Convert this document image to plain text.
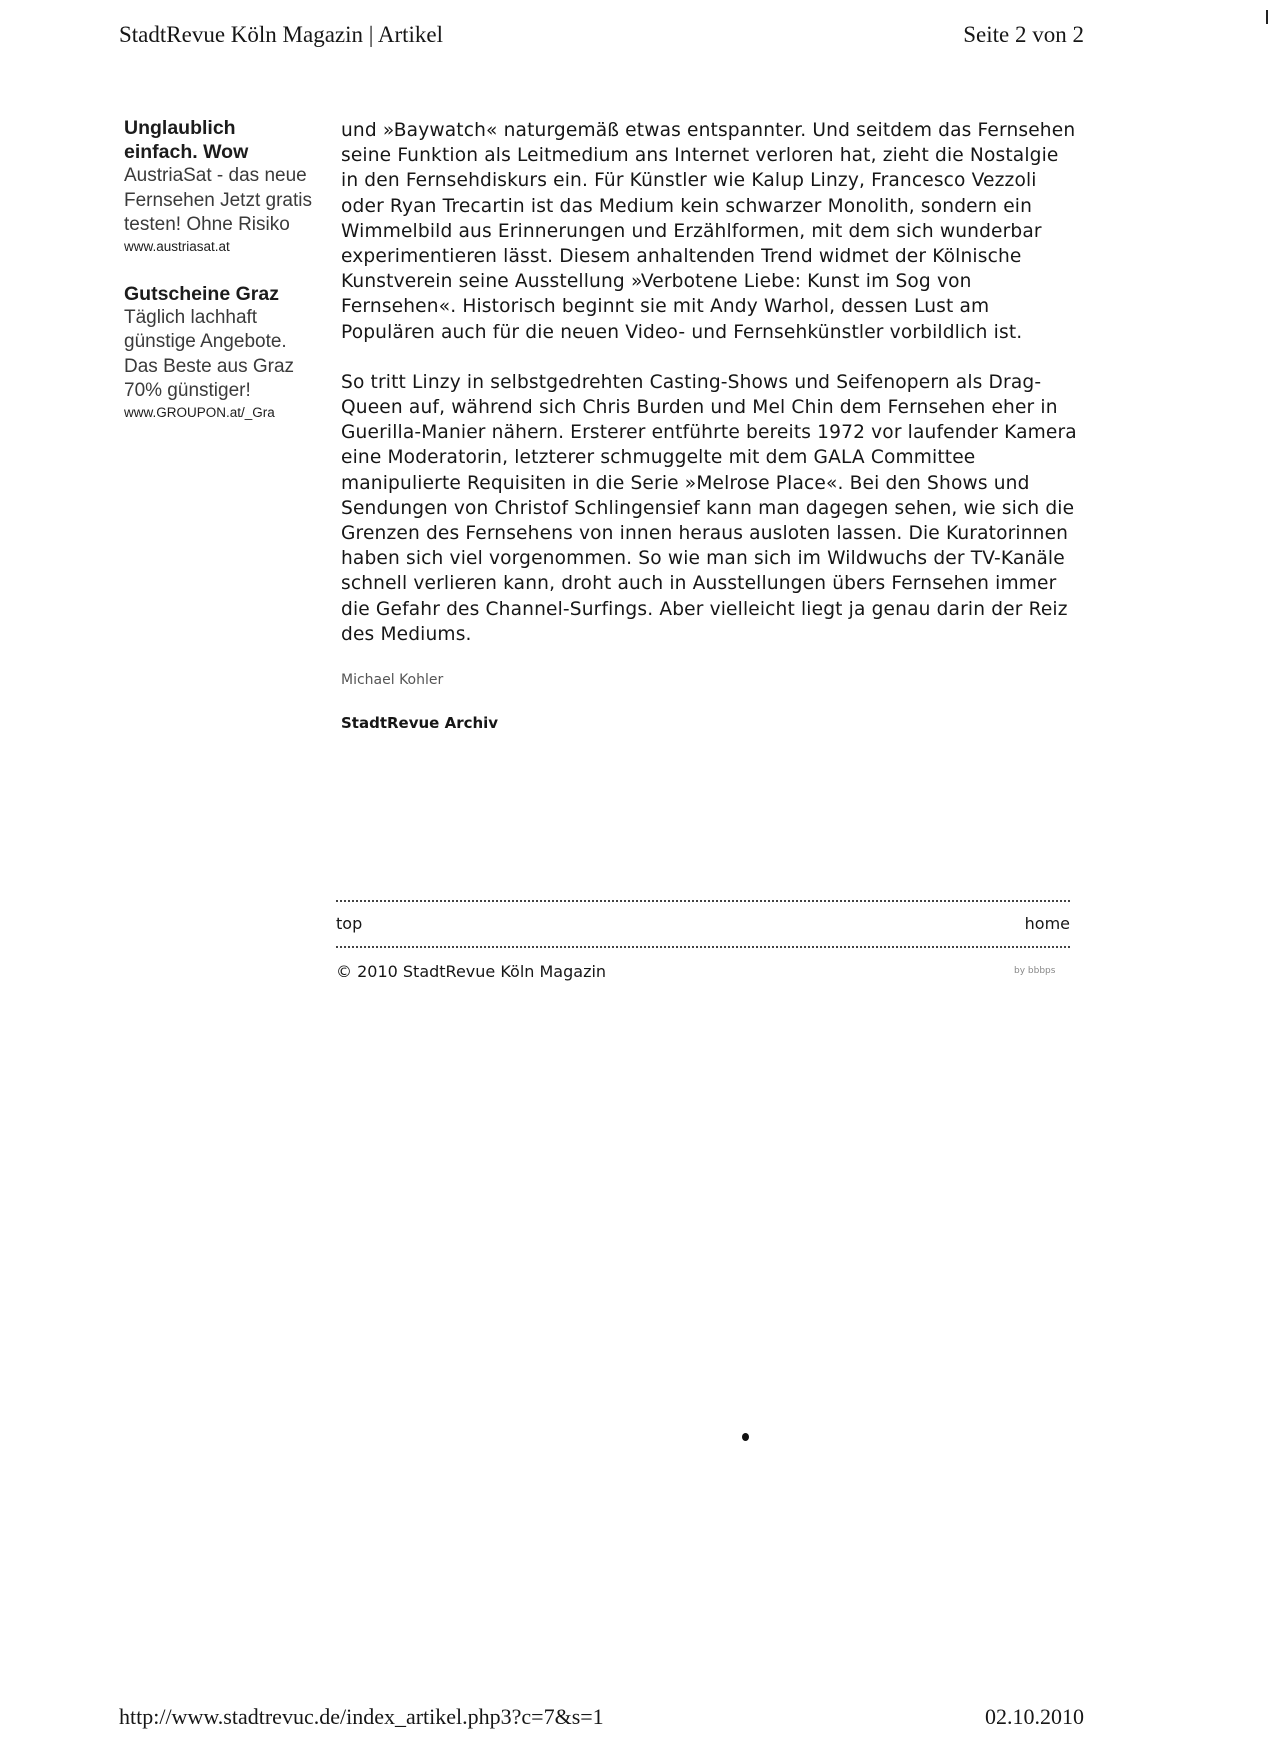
StadtRevue Köln Magazin | Artikel	Seite 2 von 2
Unglaublich einfach. Wow
AustriaSat - das neue Fernsehen Jetzt gratis testen! Ohne Risiko
www.austriasat.at
Gutscheine Graz
Täglich lachhaft günstige Angebote. Das Beste aus Graz 70% günstiger!
www.GROUPON.at/_Gra

und »Baywatch« naturgemäß etwas entspannter. Und seitdem das Fernsehen seine Funktion als Leitmedium ans Internet verloren hat, zieht die Nostalgie in den Fernsehdiskurs ein. Für Künstler wie Kalup Linzy, Francesco Vezzoli oder Ryan Trecartin ist das Medium kein schwarzer Monolith, sondern ein Wimmelbild aus Erinnerungen und Erzählformen, mit dem sich wunderbar experimentieren lässt. Diesem anhaltenden Trend widmet der Kölnische Kunstverein seine Ausstellung »Verbotene Liebe: Kunst im Sog von Fernsehen«. Historisch beginnt sie mit Andy Warhol, dessen Lust am Populären auch für die neuen Video- und Fernsehkünstler vorbildlich ist.

So tritt Linzy in selbstgedrehten Casting-Shows und Seifenopern als Drag-Queen auf, während sich Chris Burden und Mel Chin dem Fernsehen eher in Guerilla-Manier nähern. Ersterer entführte bereits 1972 vor laufender Kamera eine Moderatorin, letzterer schmuggelte mit dem GALA Committee manipulierte Requisiten in die Serie »Melrose Place«. Bei den Shows und Sendungen von Christof Schlingensief kann man dagegen sehen, wie sich die Grenzen des Fernsehens von innen heraus ausloten lassen. Die Kuratorinnen haben sich viel vorgenommen. So wie man sich im Wildwuchs der TV-Kanäle schnell verlieren kann, droht auch in Ausstellungen übers Fernsehen immer die Gefahr des Channel-Surfings. Aber vielleicht liegt ja genau darin der Reiz des Mediums.

Michael Kohler
StadtRevue Archiv
top	home
© 2010 StadtRevue Köln Magazin	by bbbps
http://www.stadtrevuc.de/index_artikel.php3?c=7&s=1	02.10.2010
